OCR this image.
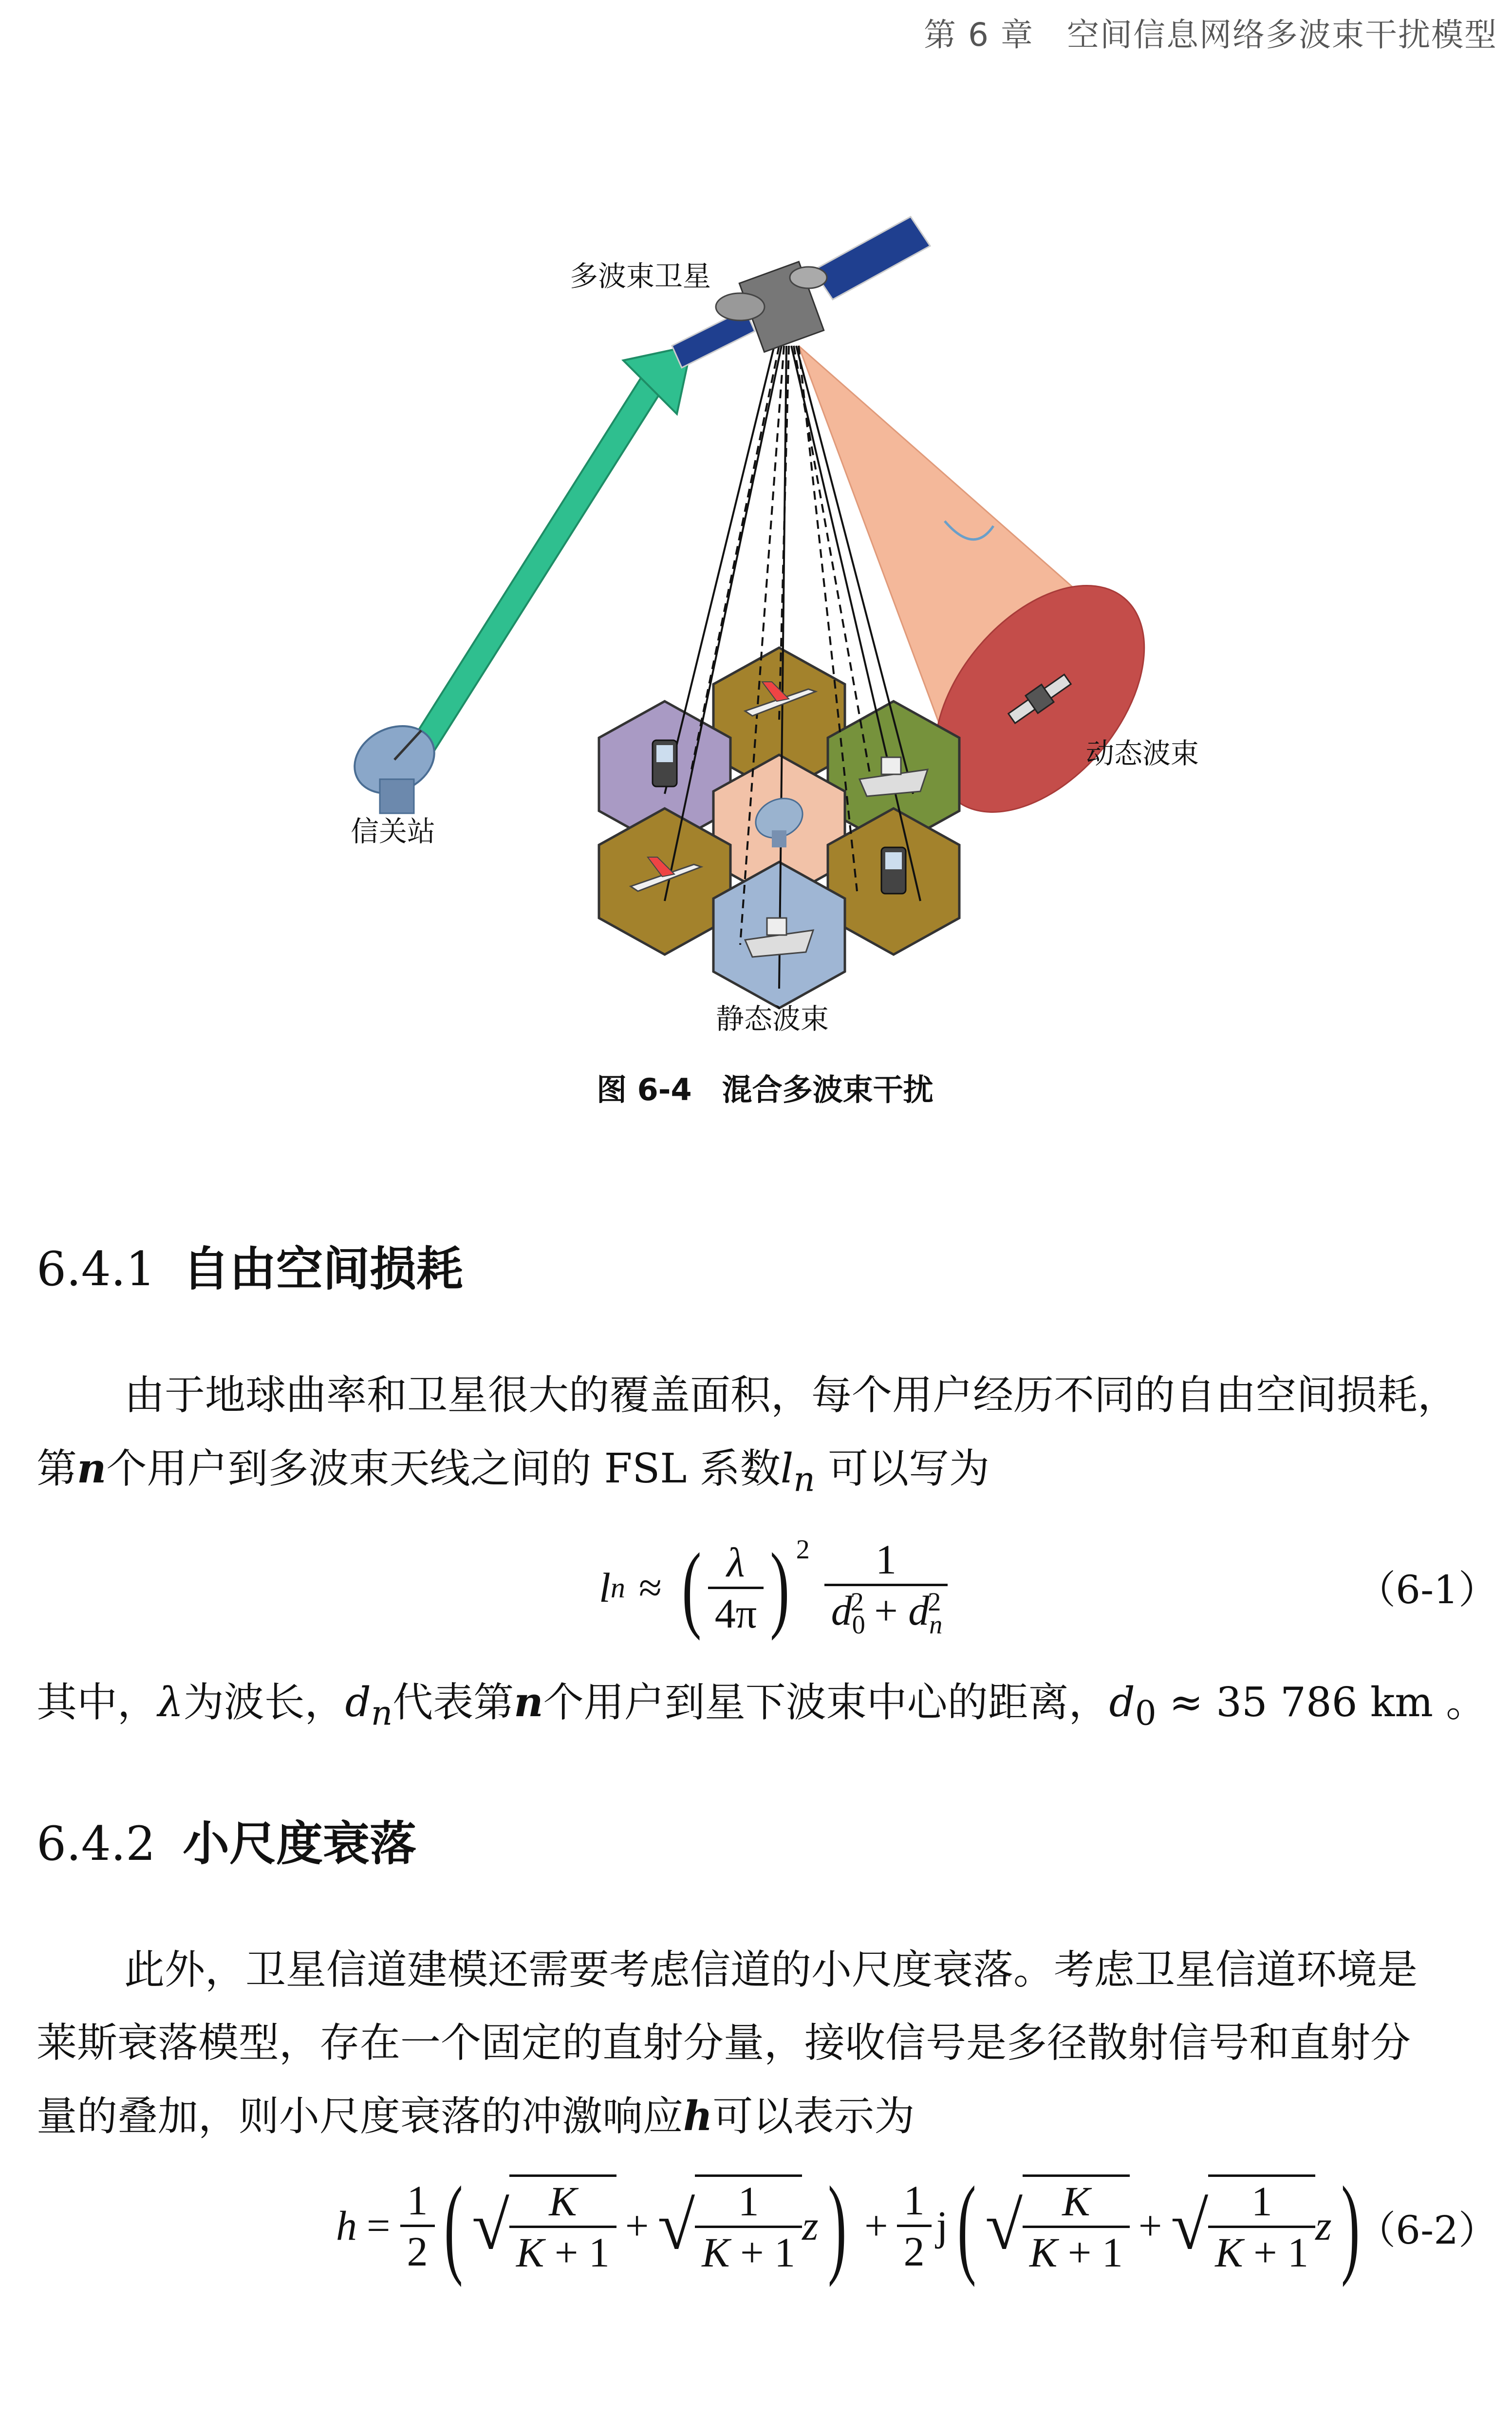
第 6 章　空间信息网络多波束干扰模型
多波束卫星
信关站
动态波束
静态波束
图 6-4　混合多波束干扰
6.4.1 自由空间损耗
由于地球曲率和卫星很大的覆盖面积，每个用户经历不同的自由空间损耗，
第n个用户到多波束天线之间的 FSL 系数$l_n$ 可以写为
l n ≈ ( $\frac{\lambda}{4\pi} )^2 \frac{1}{d_0^2 + d_n^2}$	（6-1）
其中，λ为波长，$d_n$代表第n个用户到星下波束中心的距离，$d_0 \approx 35$ 786 km 。
6.4.2 小尺度衰落
此外，卫星信道建模还需要考虑信道的小尺度衰落。考虑卫星信道环境是
莱斯衰落模型，存在一个固定的直射分量，接收信号是多径散射信号和直射分
量的叠加，则小尺度衰落的冲激响应h可以表示为
$h = \frac{1}{2}$ ( √ $\frac{K}{K + 1}$ + √ $\frac{1}{K + 1}$ z ) + $\frac{1}{2}$ j ( √ $\frac{K}{K + 1}$ + √ $\frac{1}{K + 1}$ z )
（6-2）
